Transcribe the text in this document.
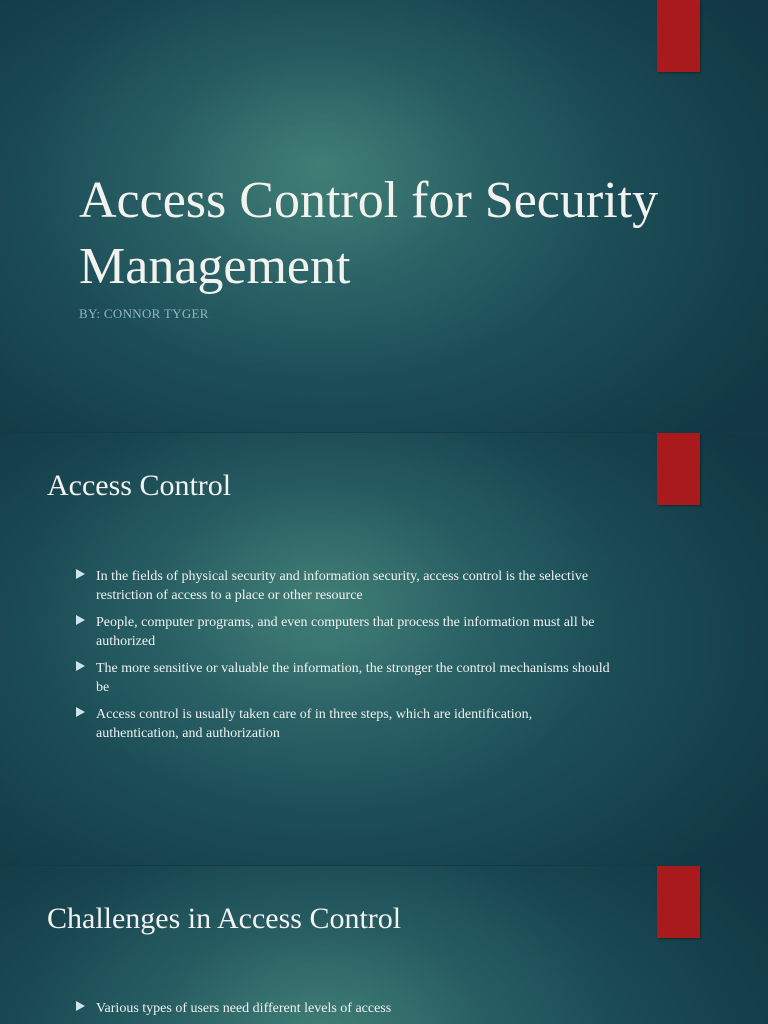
Access Control for Security Management
BY: CONNOR TYGER
Access Control
In the fields of physical security and information security, access control is the selective restriction of access to a place or other resource
People, computer programs, and even computers that process the information must all be authorized
The more sensitive or valuable the information, the stronger the control mechanisms should be
Access control is usually taken care of in three steps, which are identification, authentication, and authorization
Challenges in Access Control
Various types of users need different levels of access
